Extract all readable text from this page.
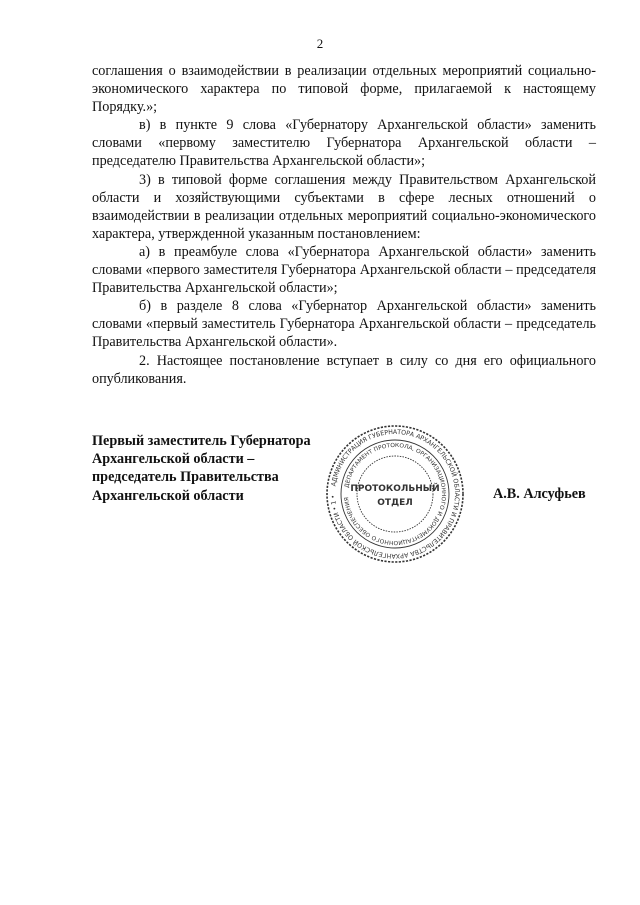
2

соглашения о взаимодействии в реализации отдельных мероприятий социально-экономического характера по типовой форме, прилагаемой к настоящему Порядку.»;

в) в пункте 9 слова «Губернатору Архангельской области» заменить словами «первому заместителю Губернатора Архангельской области – председателю Правительства Архангельской области»;

3) в типовой форме соглашения между Правительством Архангельской области и хозяйствующими субъектами в сфере лесных отношений о взаимодействии в реализации отдельных мероприятий социально-экономического характера, утвержденной указанным постановлением:

а) в преамбуле слова «Губернатора Архангельской области» заменить словами «первого заместителя Губернатора Архангельской области – председателя Правительства Архангельской области»;

б) в разделе 8 слова «Губернатор Архангельской области» заменить словами «первый заместитель Губернатора Архангельской области – председатель Правительства Архангельской области».

2. Настоящее постановление вступает в силу со дня его официального опубликования.

Первый заместитель Губернатора
Архангельской области –
председатель Правительства
Архангельской области	А.В. Алсуфьев
АДМИНИСТРАЦИЯ ГУБЕРНАТОРА АРХАНГЕЛЬСКОЙ ОБЛАСТИ И ПРАВИТЕЛЬСТВА АРХАНГЕЛЬСКОЙ ОБЛАСТИ • 1 •
ДЕПАРТАМЕНТ ПРОТОКОЛА, ОРГАНИЗАЦИОННОГО И ДОКУМЕНТАЦИОННОГО ОБЕСПЕЧЕНИЯ
ПРОТОКОЛЬНЫЙ
ОТДЕЛ
